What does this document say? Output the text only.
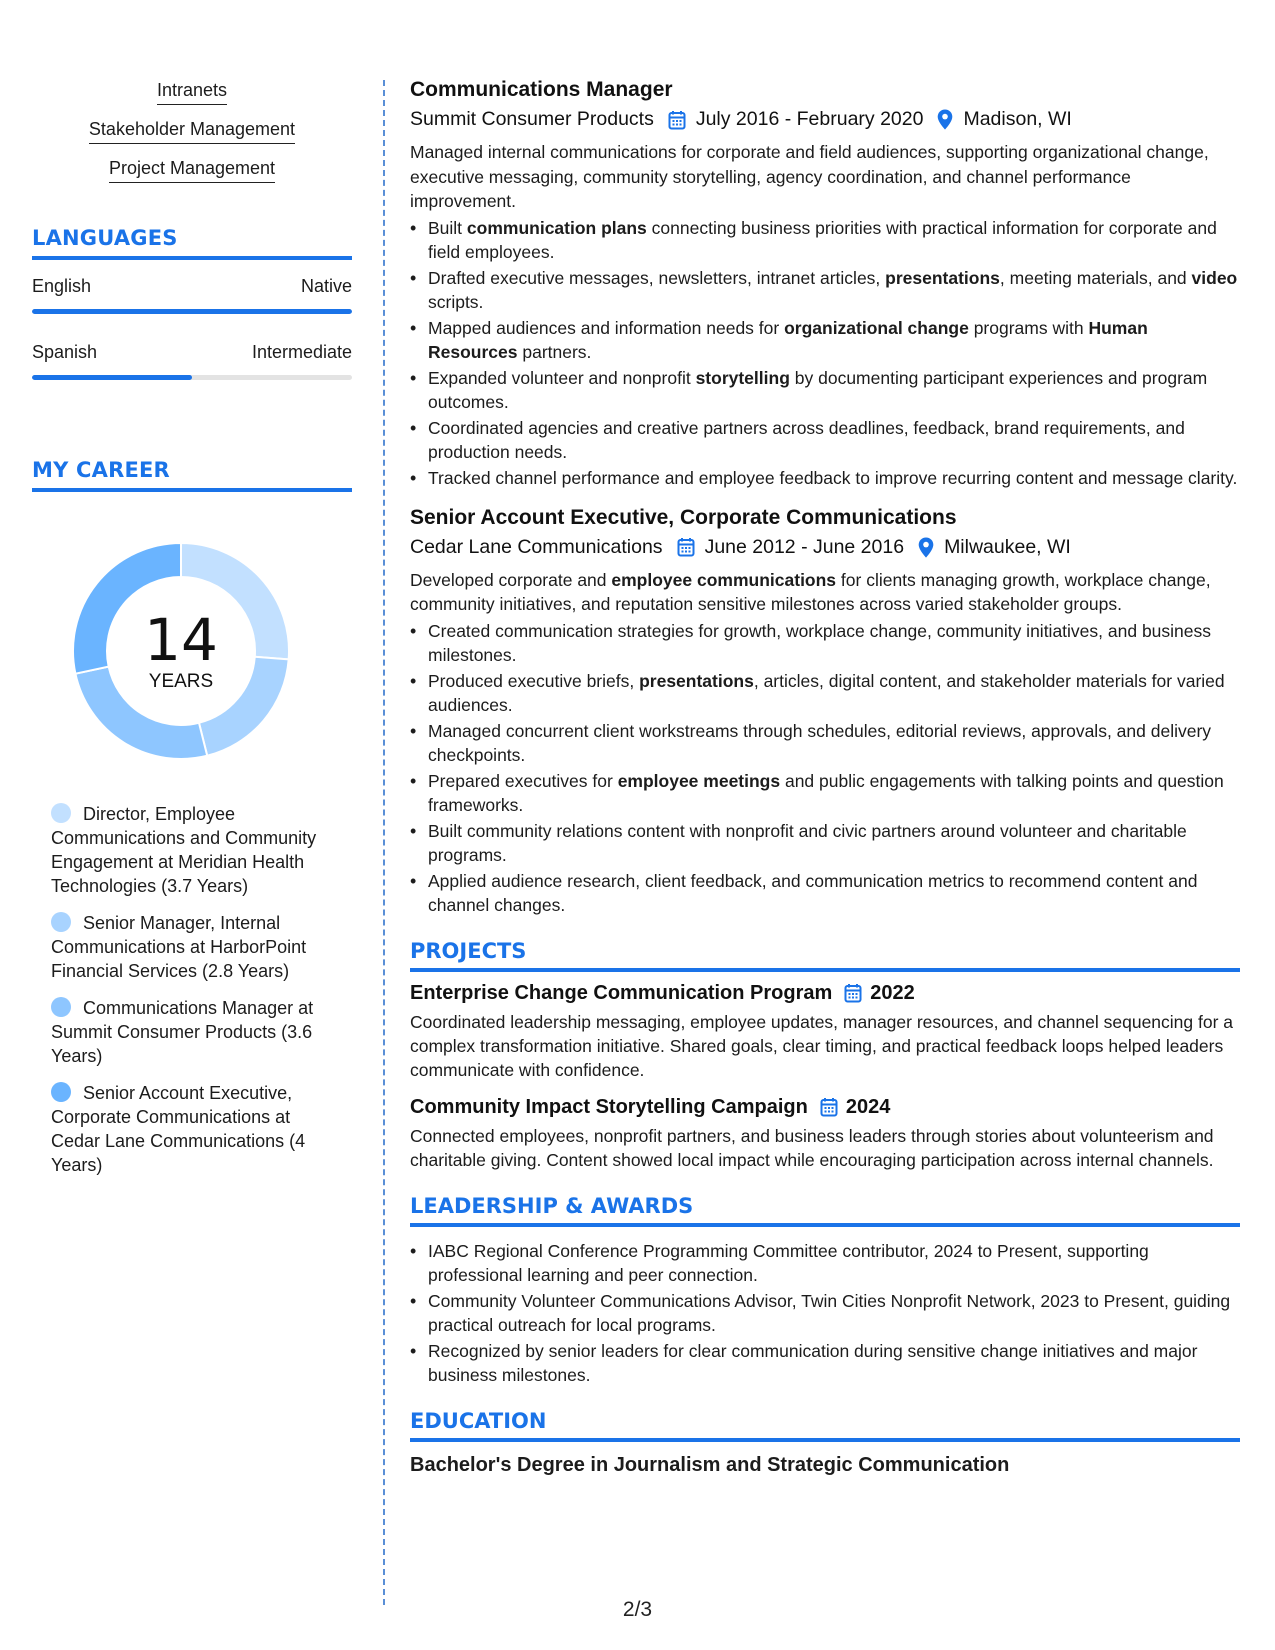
Intranets
Stakeholder Management
Project Management
LANGUAGES
English	Native
Spanish	Intermediate
MY CAREER
14
YEARS
Director, Employee Communications and Community Engagement at Meridian Health Technologies (3.7 Years)
Senior Manager, Internal Communications at HarborPoint Financial Services (2.8 Years)
Communications Manager at Summit Consumer Products (3.6 Years)
Senior Account Executive, Corporate Communications at Cedar Lane Communications (4 Years)
Communications Manager
Summit Consumer Products July 2016 - February 2020 Madison, WI
Managed internal communications for corporate and field audiences, supporting organizational change, executive messaging, community storytelling, agency coordination, and channel performance improvement.
• Built communication plans connecting business priorities with practical information for corporate and field employees.
• Drafted executive messages, newsletters, intranet articles, presentations, meeting materials, and video scripts.
• Mapped audiences and information needs for organizational change programs with Human Resources partners.
• Expanded volunteer and nonprofit storytelling by documenting participant experiences and program outcomes.
• Coordinated agencies and creative partners across deadlines, feedback, brand requirements, and production needs.
• Tracked channel performance and employee feedback to improve recurring content and message clarity.
Senior Account Executive, Corporate Communications
Cedar Lane Communications June 2012 - June 2016 Milwaukee, WI
Developed corporate and employee communications for clients managing growth, workplace change, community initiatives, and reputation sensitive milestones across varied stakeholder groups.
• Created communication strategies for growth, workplace change, community initiatives, and business milestones.
• Produced executive briefs, presentations, articles, digital content, and stakeholder materials for varied audiences.
• Managed concurrent client workstreams through schedules, editorial reviews, approvals, and delivery checkpoints.
• Prepared executives for employee meetings and public engagements with talking points and question frameworks.
• Built community relations content with nonprofit and civic partners around volunteer and charitable programs.
• Applied audience research, client feedback, and communication metrics to recommend content and channel changes.
PROJECTS
Enterprise Change Communication Program 2022
Coordinated leadership messaging, employee updates, manager resources, and channel sequencing for a complex transformation initiative. Shared goals, clear timing, and practical feedback loops helped leaders communicate with confidence.
Community Impact Storytelling Campaign 2024
Connected employees, nonprofit partners, and business leaders through stories about volunteerism and charitable giving. Content showed local impact while encouraging participation across internal channels.
LEADERSHIP & AWARDS
• IABC Regional Conference Programming Committee contributor, 2024 to Present, supporting professional learning and peer connection.
• Community Volunteer Communications Advisor, Twin Cities Nonprofit Network, 2023 to Present, guiding practical outreach for local programs.
• Recognized by senior leaders for clear communication during sensitive change initiatives and major business milestones.
EDUCATION
Bachelor's Degree in Journalism and Strategic Communication
2/3
